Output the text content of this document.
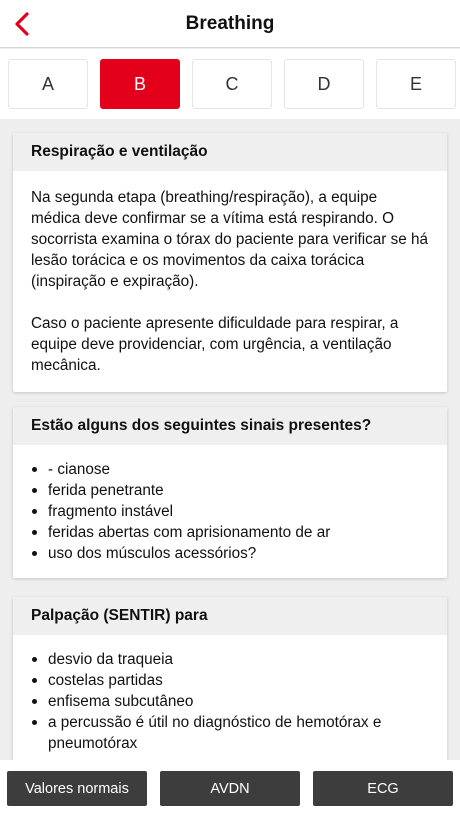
Breathing
A	B	C	D	E
Respiração e ventilação

Na segunda etapa (breathing/respiração), a equipe médica deve confirmar se a vítima está respirando. O socorrista examina o tórax do paciente para verificar se há lesão torácica e os movimentos da caixa torácica (inspiração e expiração).

Caso o paciente apresente dificuldade para respirar, a equipe deve providenciar, com urgência, a ventilação mecânica.

Estão alguns dos seguintes sinais presentes?
- cianose
ferida penetrante
fragmento instável
feridas abertas com aprisionamento de ar
uso dos músculos acessórios?
Palpação (SENTIR) para
desvio da traqueia
costelas partidas
enfisema subcutâneo
a percussão é útil no diagnóstico de hemotórax e pneumotórax
Valores normais	AVDN	ECG
